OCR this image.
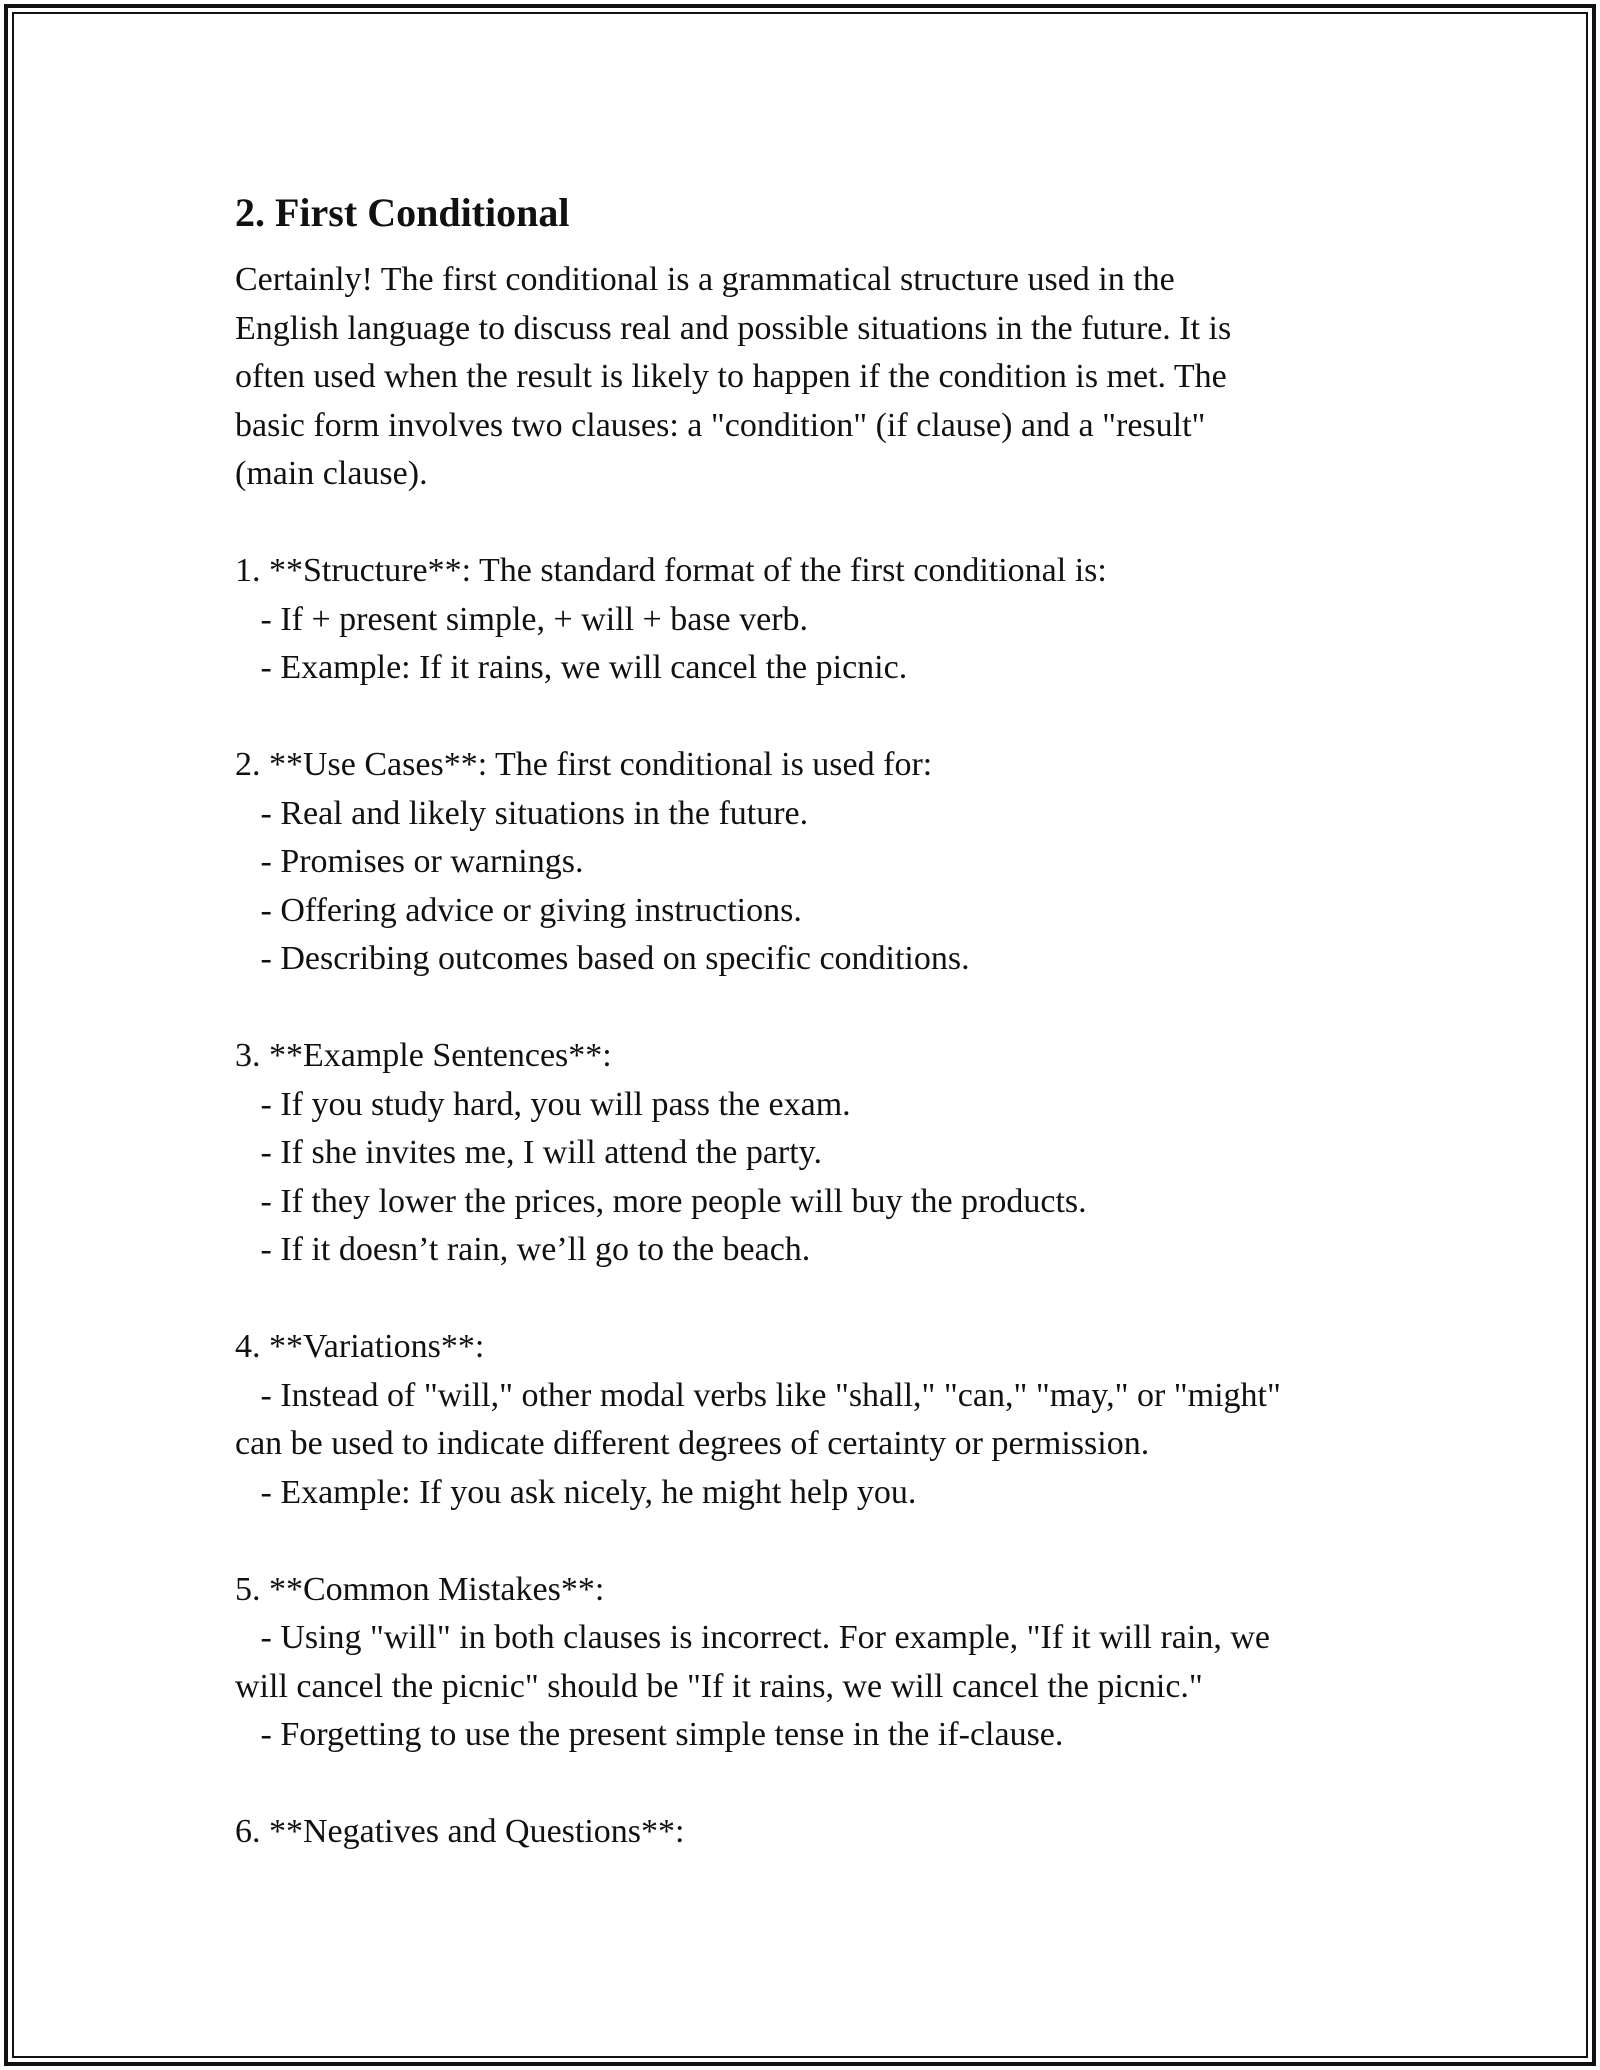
2. First Conditional

Certainly! The first conditional is a grammatical structure used in the

English language to discuss real and possible situations in the future. It is

often used when the result is likely to happen if the condition is met. The

basic form involves two clauses: a "condition" (if clause) and a "result"

(main clause).

1. **Structure**: The standard format of the first conditional is:

- If + present simple, + will + base verb.

- Example: If it rains, we will cancel the picnic.

2. **Use Cases**: The first conditional is used for:

- Real and likely situations in the future.

- Promises or warnings.

- Offering advice or giving instructions.

- Describing outcomes based on specific conditions.

3. **Example Sentences**:

- If you study hard, you will pass the exam.

- If she invites me, I will attend the party.

- If they lower the prices, more people will buy the products.

- If it doesn’t rain, we’ll go to the beach.

4. **Variations**:

- Instead of "will," other modal verbs like "shall," "can," "may," or "might"

can be used to indicate different degrees of certainty or permission.

- Example: If you ask nicely, he might help you.

5. **Common Mistakes**:

- Using "will" in both clauses is incorrect. For example, "If it will rain, we

will cancel the picnic" should be "If it rains, we will cancel the picnic."

- Forgetting to use the present simple tense in the if-clause.

6. **Negatives and Questions**:
